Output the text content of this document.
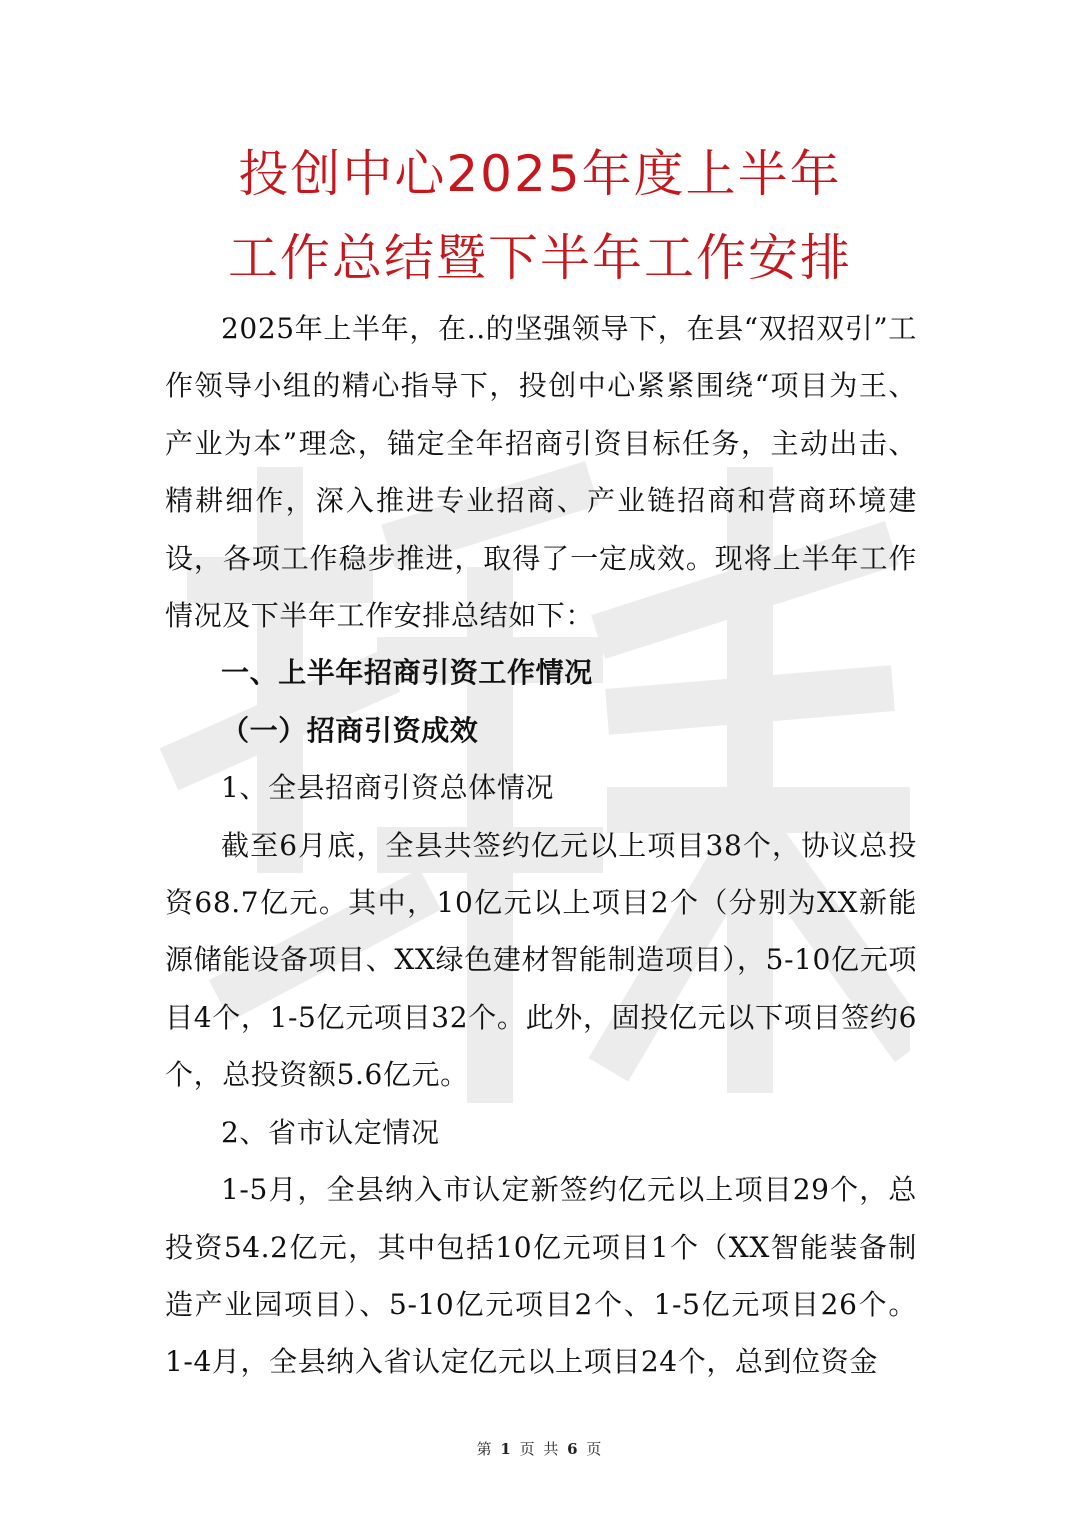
投创中心2025年度上半年
工作总结暨下半年工作安排

2025年上半年，在..的坚强领导下，在县“双招双引”工作领导小组的精心指导下，投创中心紧紧围绕“项目为王、产业为本”理念，锚定全年招商引资目标任务，主动出击、精耕细作，深入推进专业招商、产业链招商和营商环境建设，各项工作稳步推进，取得了一定成效。现将上半年工作情况及下半年工作安排总结如下：

一、上半年招商引资工作情况

（一）招商引资成效

1、全县招商引资总体情况

截至6月底，全县共签约亿元以上项目38个，协议总投资68.7亿元。其中，10亿元以上项目2个（分别为XX新能源储能设备项目、XX绿色建材智能制造项目），5-10亿元项目4个，1-5亿元项目32个。此外，固投亿元以下项目签约6个，总投资额5.6亿元。

2、省市认定情况

1-5月，全县纳入市认定新签约亿元以上项目29个，总投资54.2亿元，其中包括10亿元项目1个（XX智能装备制造产业园项目）、5-10亿元项目2个、1-5亿元项目26个。1-4月，全县纳入省认定亿元以上项目24个，总到位资金

第 1 页 共 6 页
